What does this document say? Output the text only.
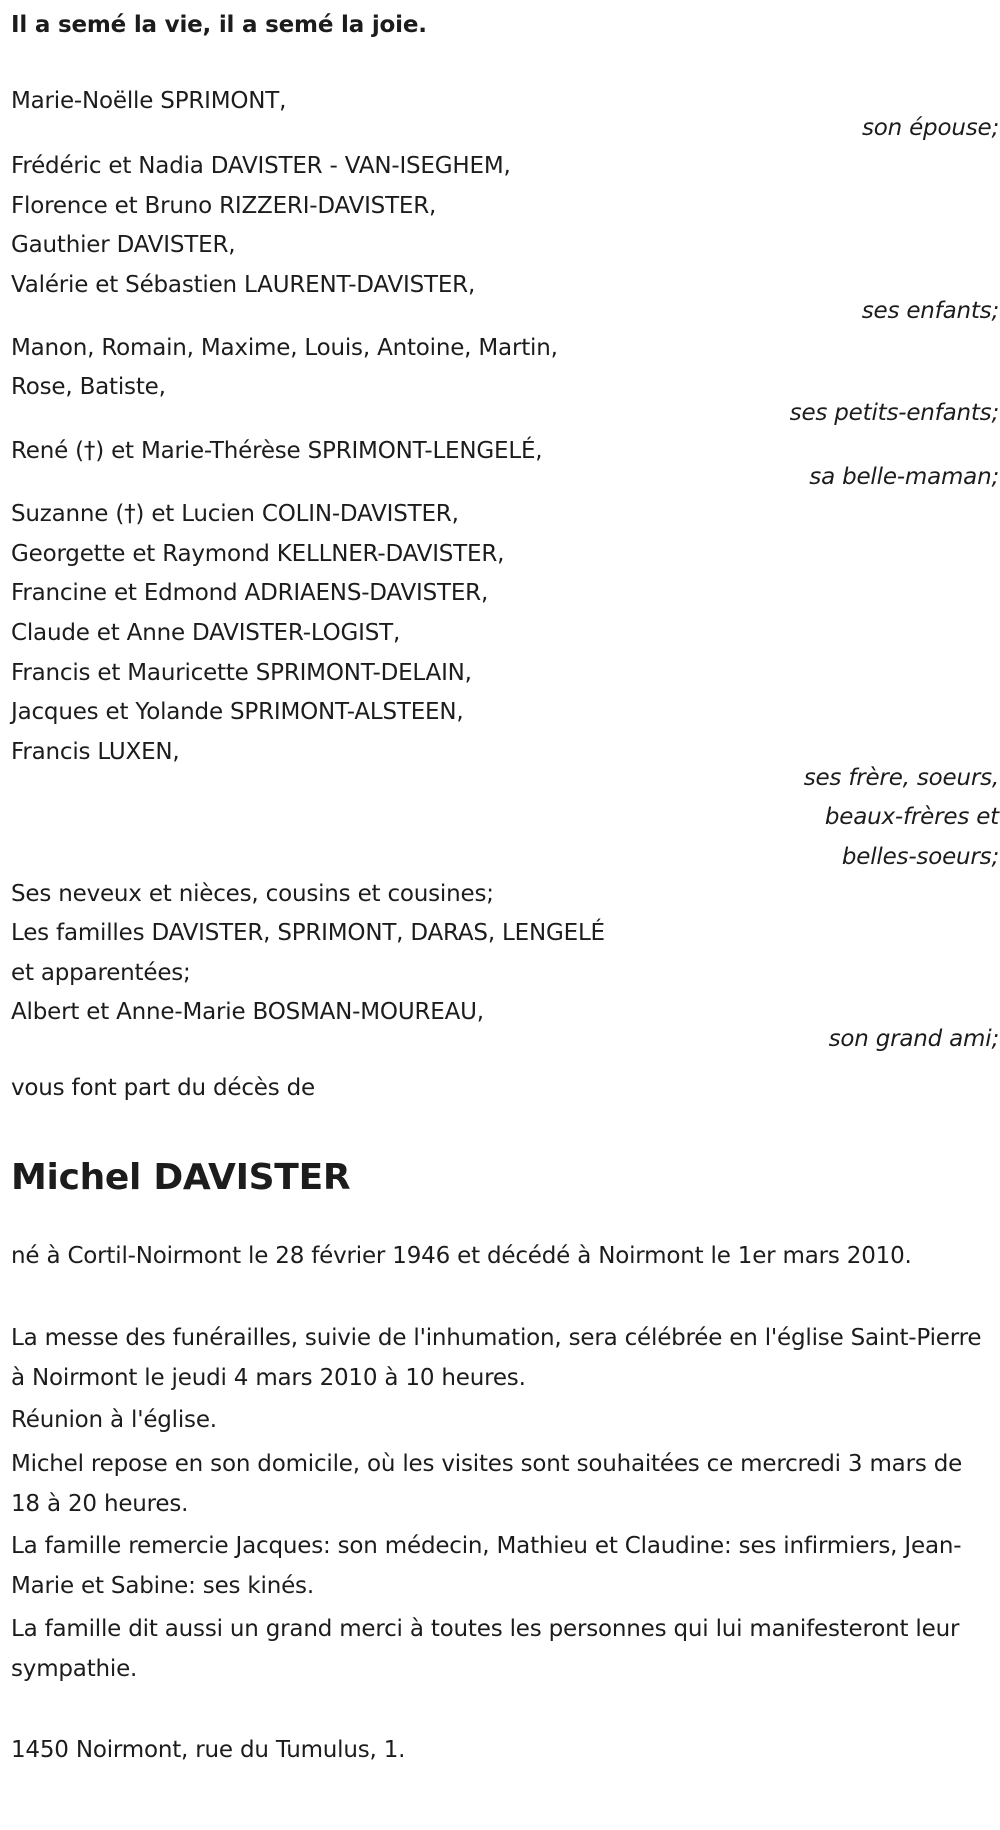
Il a semé la vie, il a semé la joie.
Marie-Noëlle SPRIMONT,
son épouse;
Frédéric et Nadia DAVISTER - VAN-ISEGHEM,
Florence et Bruno RIZZERI-DAVISTER,
Gauthier DAVISTER,
Valérie et Sébastien LAURENT-DAVISTER,
ses enfants;
Manon, Romain, Maxime, Louis, Antoine, Martin,
Rose, Batiste,
ses petits-enfants;
René (†) et Marie-Thérèse SPRIMONT-LENGELÉ,
sa belle-maman;
Suzanne (†) et Lucien COLIN-DAVISTER,
Georgette et Raymond KELLNER-DAVISTER,
Francine et Edmond ADRIAENS-DAVISTER,
Claude et Anne DAVISTER-LOGIST,
Francis et Mauricette SPRIMONT-DELAIN,
Jacques et Yolande SPRIMONT-ALSTEEN,
Francis LUXEN,
ses frère, soeurs,
beaux-frères et
belles-soeurs;
Ses neveux et nièces, cousins et cousines;
Les familles DAVISTER, SPRIMONT, DARAS, LENGELÉ
et apparentées;
Albert et Anne-Marie BOSMAN-MOUREAU,
son grand ami;
vous font part du décès de
Michel DAVISTER
né à Cortil-Noirmont le 28 février 1946 et décédé à Noirmont le 1er mars 2010.
La messe des funérailles, suivie de l'inhumation, sera célébrée en l'église Saint-Pierre à Noirmont le jeudi 4 mars 2010 à 10 heures.
Réunion à l'église.
Michel repose en son domicile, où les visites sont souhaitées ce mercredi 3 mars de 18 à 20 heures.
La famille remercie Jacques: son médecin, Mathieu et Claudine: ses infirmiers, Jean-Marie et Sabine: ses kinés.
La famille dit aussi un grand merci à toutes les personnes qui lui manifesteront leur sympathie.
1450 Noirmont, rue du Tumulus, 1.
